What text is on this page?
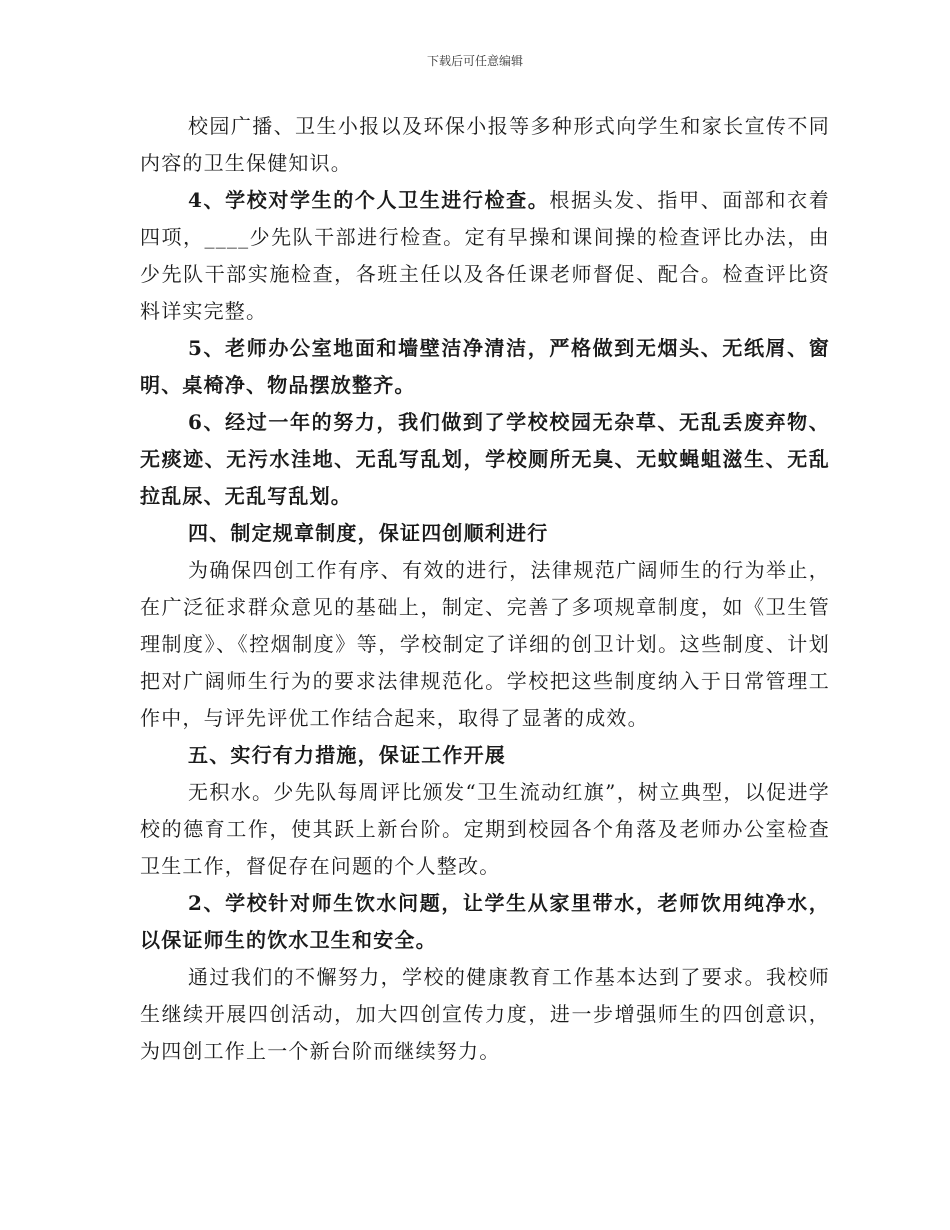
下载后可任意编辑

校园广播、卫生小报以及环保小报等多种形式向学生和家长宣传不同内容的卫生保健知识。

4、学校对学生的个人卫生进行检查。根据头发、指甲、面部和衣着四项，____少先队干部进行检查。定有早操和课间操的检查评比办法，由少先队干部实施检查，各班主任以及各任课老师督促、配合。检查评比资料详实完整。

5、老师办公室地面和墙壁洁净清洁，严格做到无烟头、无纸屑、窗明、桌椅净、物品摆放整齐。

6、经过一年的努力，我们做到了学校校园无杂草、无乱丢废弃物、无痰迹、无污水洼地、无乱写乱划，学校厕所无臭、无蚊蝇蛆滋生、无乱拉乱尿、无乱写乱划。

四、制定规章制度，保证四创顺利进行

为确保四创工作有序、有效的进行，法律规范广阔师生的行为举止，在广泛征求群众意见的基础上，制定、完善了多项规章制度，如《卫生管理制度》、《控烟制度》等，学校制定了详细的创卫计划。这些制度、计划把对广阔师生行为的要求法律规范化。学校把这些制度纳入于日常管理工作中，与评先评优工作结合起来，取得了显著的成效。

五、实行有力措施，保证工作开展

无积水。少先队每周评比颁发“卫生流动红旗”，树立典型，以促进学校的德育工作，使其跃上新台阶。定期到校园各个角落及老师办公室检查卫生工作，督促存在问题的个人整改。

2、学校针对师生饮水问题，让学生从家里带水，老师饮用纯净水，以保证师生的饮水卫生和安全。

通过我们的不懈努力，学校的健康教育工作基本达到了要求。我校师生继续开展四创活动，加大四创宣传力度，进一步增强师生的四创意识，为四创工作上一个新台阶而继续努力。
